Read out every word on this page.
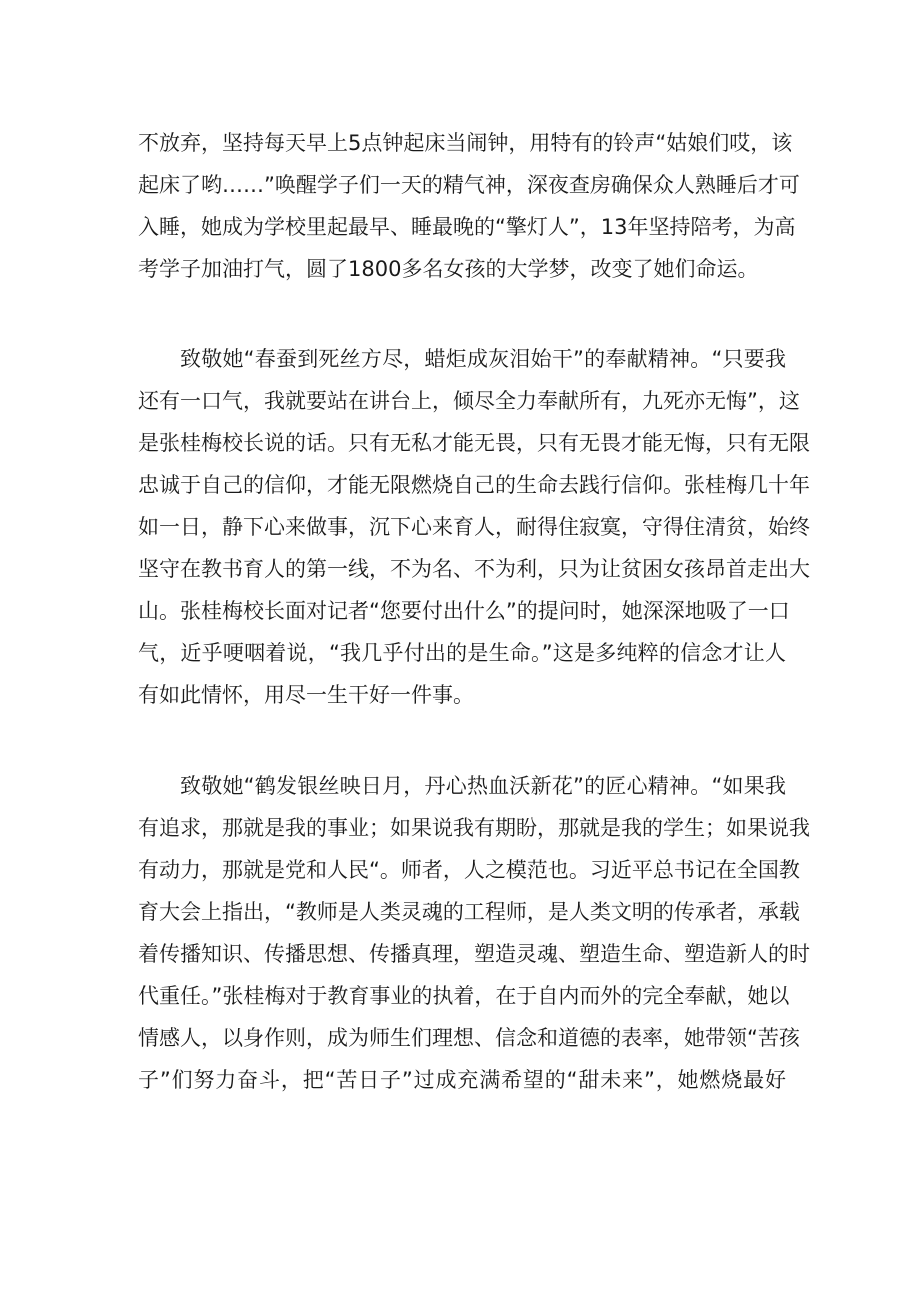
不放弃，坚持每天早上5点钟起床当闹钟，用特有的铃声“姑娘们哎，该
起床了哟……”唤醒学子们一天的精气神，深夜查房确保众人熟睡后才可
入睡，她成为学校里起最早、睡最晚的“擎灯人”，13年坚持陪考，为高
考学子加油打气，圆了1800多名女孩的大学梦，改变了她们命运。
致敬她“春蚕到死丝方尽，蜡炬成灰泪始干”的奉献精神。“只要我
还有一口气，我就要站在讲台上，倾尽全力奉献所有，九死亦无悔”，这
是张桂梅校长说的话。只有无私才能无畏，只有无畏才能无悔，只有无限
忠诚于自己的信仰，才能无限燃烧自己的生命去践行信仰。张桂梅几十年
如一日，静下心来做事，沉下心来育人，耐得住寂寞，守得住清贫，始终
坚守在教书育人的第一线，不为名、不为利，只为让贫困女孩昂首走出大
山。张桂梅校长面对记者“您要付出什么”的提问时，她深深地吸了一口
气，近乎哽咽着说，“我几乎付出的是生命。”这是多纯粹的信念才让人
有如此情怀，用尽一生干好一件事。
致敬她“鹤发银丝映日月，丹心热血沃新花”的匠心精神。“如果我
有追求，那就是我的事业；如果说我有期盼，那就是我的学生；如果说我
有动力，那就是党和人民“。师者，人之模范也。习近平总书记在全国教
育大会上指出，“教师是人类灵魂的工程师，是人类文明的传承者，承载
着传播知识、传播思想、传播真理，塑造灵魂、塑造生命、塑造新人的时
代重任。”张桂梅对于教育事业的执着，在于自内而外的完全奉献，她以
情感人，以身作则，成为师生们理想、信念和道德的表率，她带领“苦孩
子”们努力奋斗，把“苦日子”过成充满希望的“甜未来”，她燃烧最好
